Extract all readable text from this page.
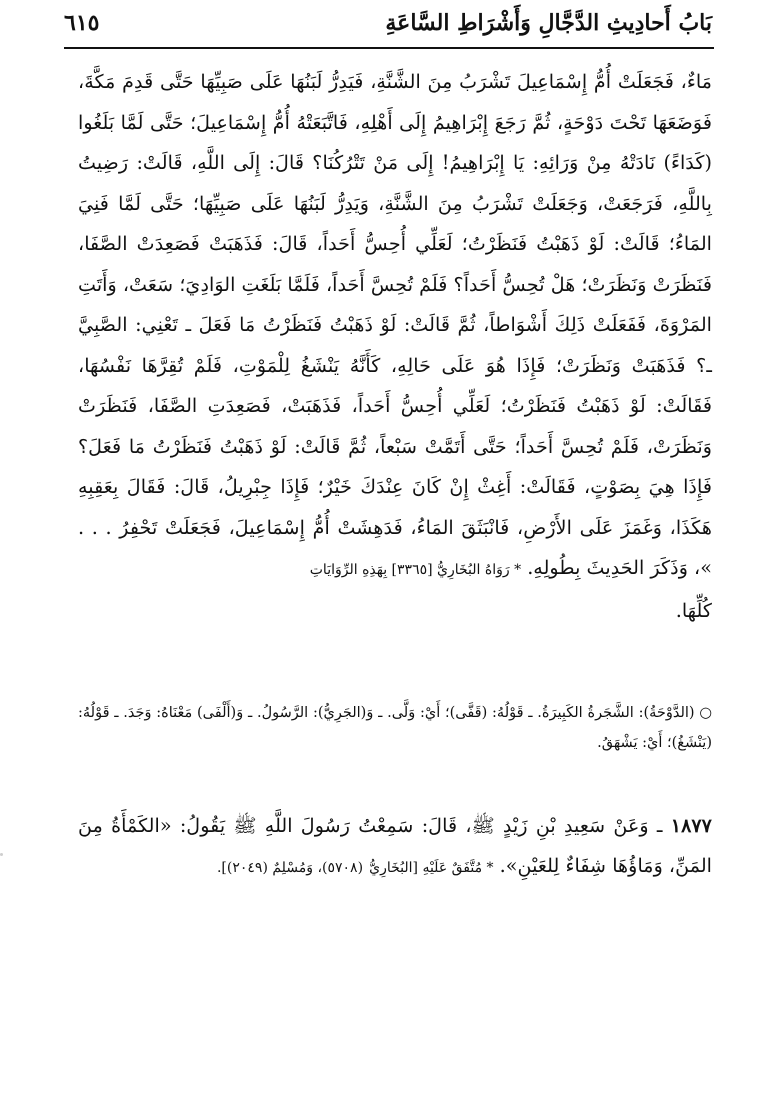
بَابُ أَحادِيثِ الدَّجَّالِ وَأَشْرَاطِ السَّاعَةِ
٦١٥

مَاءٌ، فَجَعَلَتْ أُمُّ إِسْمَاعِيلَ تَشْرَبُ مِنَ الشَّنَّةِ، فَيَدِرُّ لَبَنُهَا عَلَى صَبِيِّهَا حَتَّى قَدِمَ مَكَّةَ، فَوَضَعَهَا تَحْتَ دَوْحَةٍ، ثُمَّ رَجَعَ إِبْرَاهِيمُ إِلَى أَهْلِهِ، فَاتَّبَعَتْهُ أُمُّ إِسْمَاعِيلَ؛ حَتَّى لَمَّا بَلَغُوا (كَدَاءً) نَادَتْهُ مِنْ وَرَائِهِ: يَا إِبْرَاهِيمُ! إِلَى مَنْ تَتْرُكُنَا؟ قَالَ: إِلَى اللَّهِ، قَالَتْ: رَضِيتُ بِاللَّهِ، فَرَجَعَتْ، وَجَعَلَتْ تَشْرَبُ مِنَ الشَّنَّةِ، وَيَدِرُّ لَبَنُهَا عَلَى صَبِيِّهَا؛ حَتَّى لَمَّا فَنِيَ المَاءُ؛ قَالَتْ: لَوْ ذَهَبْتُ فَنَظَرْتُ؛ لَعَلِّي أُحِسُّ أَحَداً، قَالَ: فَذَهَبَتْ فَصَعِدَتْ الصَّفَا، فَنَظَرَتْ وَنَظَرَتْ؛ هَلْ تُحِسُّ أَحَداً؟ فَلَمْ تُحِسَّ أَحَداً، فَلَمَّا بَلَغَتِ الوَادِيَ؛ سَعَتْ، وَأَتَتِ المَرْوَةَ، فَفَعَلَتْ ذَلِكَ أَشْوَاطاً، ثُمَّ قَالَتْ: لَوْ ذَهَبْتُ فَنَظَرْتُ مَا فَعَلَ ـ تَعْنِي: الصَّبِيَّ ـ؟ فَذَهَبَتْ وَنَظَرَتْ؛ فَإِذَا هُوَ عَلَى حَالِهِ، كَأَنَّهُ يَنْشَغُ لِلْمَوْتِ، فَلَمْ تُقِرَّهَا نَفْسُهَا، فَقَالَتْ: لَوْ ذَهَبْتُ فَنَظَرْتُ؛ لَعَلِّي أُحِسُّ أَحَداً، فَذَهَبَتْ، فَصَعِدَتِ الصَّفَا، فَنَظَرَتْ وَنَظَرَتْ، فَلَمْ تُحِسَّ أَحَداً؛ حَتَّى أَتَمَّتْ سَبْعاً، ثُمَّ قَالَتْ: لَوْ ذَهَبْتُ فَنَظَرْتُ مَا فَعَلَ؟ فَإِذَا هِيَ بِصَوْتٍ، فَقَالَتْ: أَغِثْ إِنْ كَانَ عِنْدَكَ خَيْرٌ؛ فَإِذَا جِبْرِيلُ، قَالَ: فَقَالَ بِعَقِبِهِ هَكَذَا، وَغَمَزَ عَلَى الأَرْضِ، فَانْبَثَقَ المَاءُ، فَدَهِشَتْ أُمُّ إِسْمَاعِيلَ، فَجَعَلَتْ تَحْفِرُ . . . »، وَذَكَرَ الحَدِيثَ بِطُولِهِ. * رَوَاهُ البُخَارِيُّ [٣٣٦٥] بِهَذِهِ الرِّوَايَاتِ
كُلِّهَا.

○ (الدَّوْحَةُ): الشَّجَرةُ الكَبِيرَةُ. ـ قَوْلُهُ: (قَفَّى)؛ أَيْ: وَلَّى. ـ وَ(الجَرِيُّ): الرَّسُولُ. ـ وَ(أَلْفَى) مَعْنَاهُ: وَجَدَ. ـ قَوْلُهُ: (يَنْشَغُ)؛ أَيْ: يَشْهَقُ.
١٨٧٧ ـ وَعَنْ سَعِيدِ بْنِ زَيْدٍ ﷺ، قَالَ: سَمِعْتُ رَسُولَ اللَّهِ ﷺ يَقُولُ: «الكَمْأَةُ مِنَ المَنِّ، وَمَاؤُهَا شِفَاءٌ لِلعَيْنِ». * مُتَّفَقٌ عَلَيْهِ [البُخَارِيُّ (٥٧٠٨)، وَمُسْلِمٌ (٢٠٤٩)].
